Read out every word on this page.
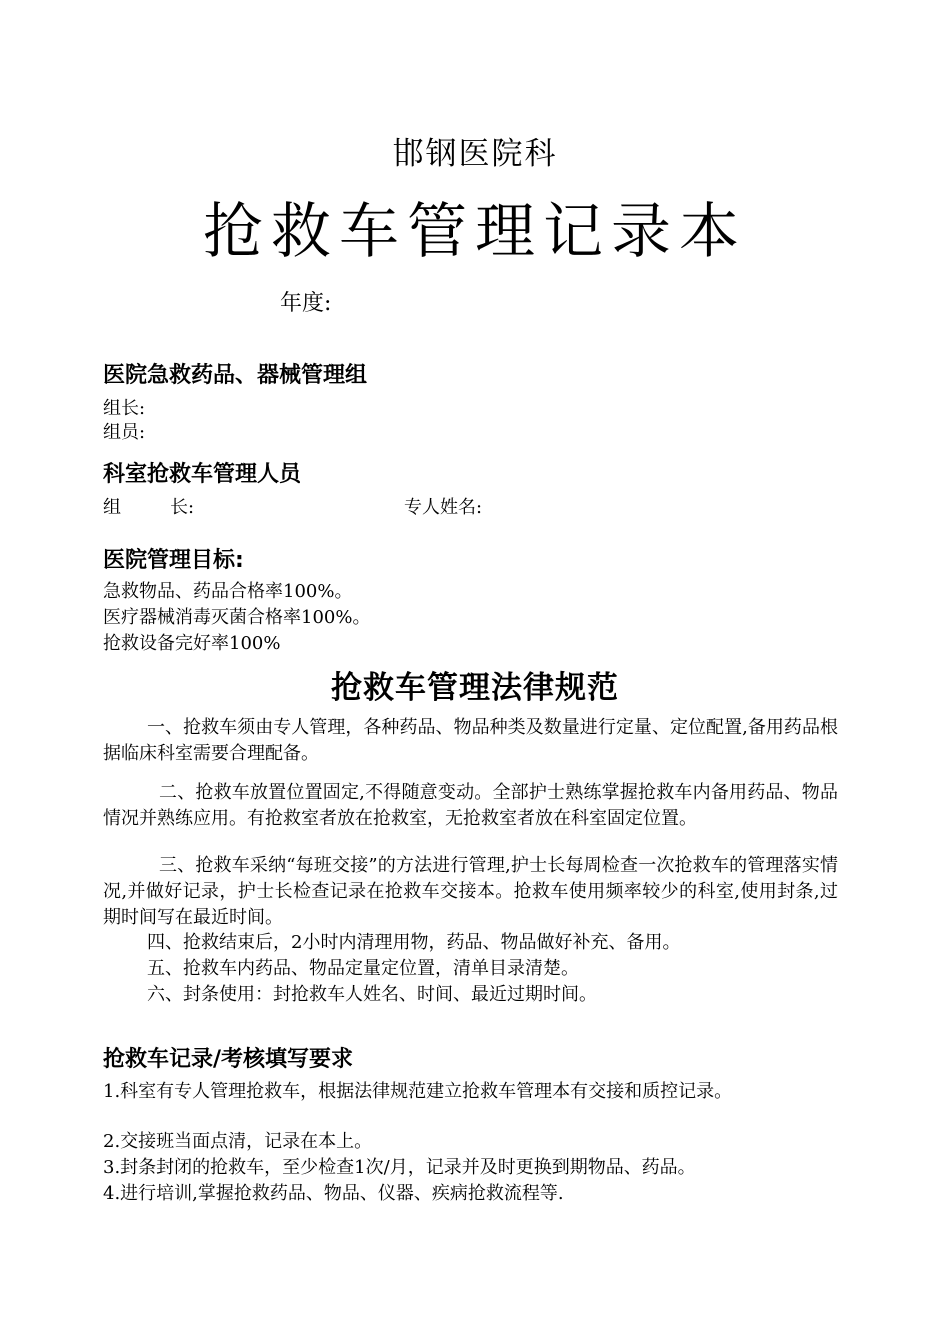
邯钢医院科

抢救车管理记录本

年度:

医院急救药品、器械管理组

组长:

组员:

科室抢救车管理人员

组	长:	专人姓名:

医院管理目标:

急救物品、药品合格率100%。

医疗器械消毒灭菌合格率100%。

抢救设备完好率100%

抢救车管理法律规范

一、抢救车须由专人管理，各种药品、物品种类及数量进行定量、定位配置,备用药品根据临床科室需要合理配备。

二、抢救车放置位置固定,不得随意变动。全部护士熟练掌握抢救车内备用药品、物品情况并熟练应用。有抢救室者放在抢救室，无抢救室者放在科室固定位置。

三、抢救车采纳“每班交接”的方法进行管理,护士长每周检查一次抢救车的管理落实情况,并做好记录，护士长检查记录在抢救车交接本。抢救车使用频率较少的科室,使用封条,过期时间写在最近时间。

四、抢救结束后，2小时内清理用物，药品、物品做好补充、备用。

五、抢救车内药品、物品定量定位置，清单目录清楚。

六、封条使用：封抢救车人姓名、时间、最近过期时间。

抢救车记录/考核填写要求

1.科室有专人管理抢救车，根据法律规范建立抢救车管理本有交接和质控记录。

2.交接班当面点清，记录在本上。

3.封条封闭的抢救车，至少检查1次/月，记录并及时更换到期物品、药品。

4.进行培训,掌握抢救药品、物品、仪器、疾病抢救流程等.
